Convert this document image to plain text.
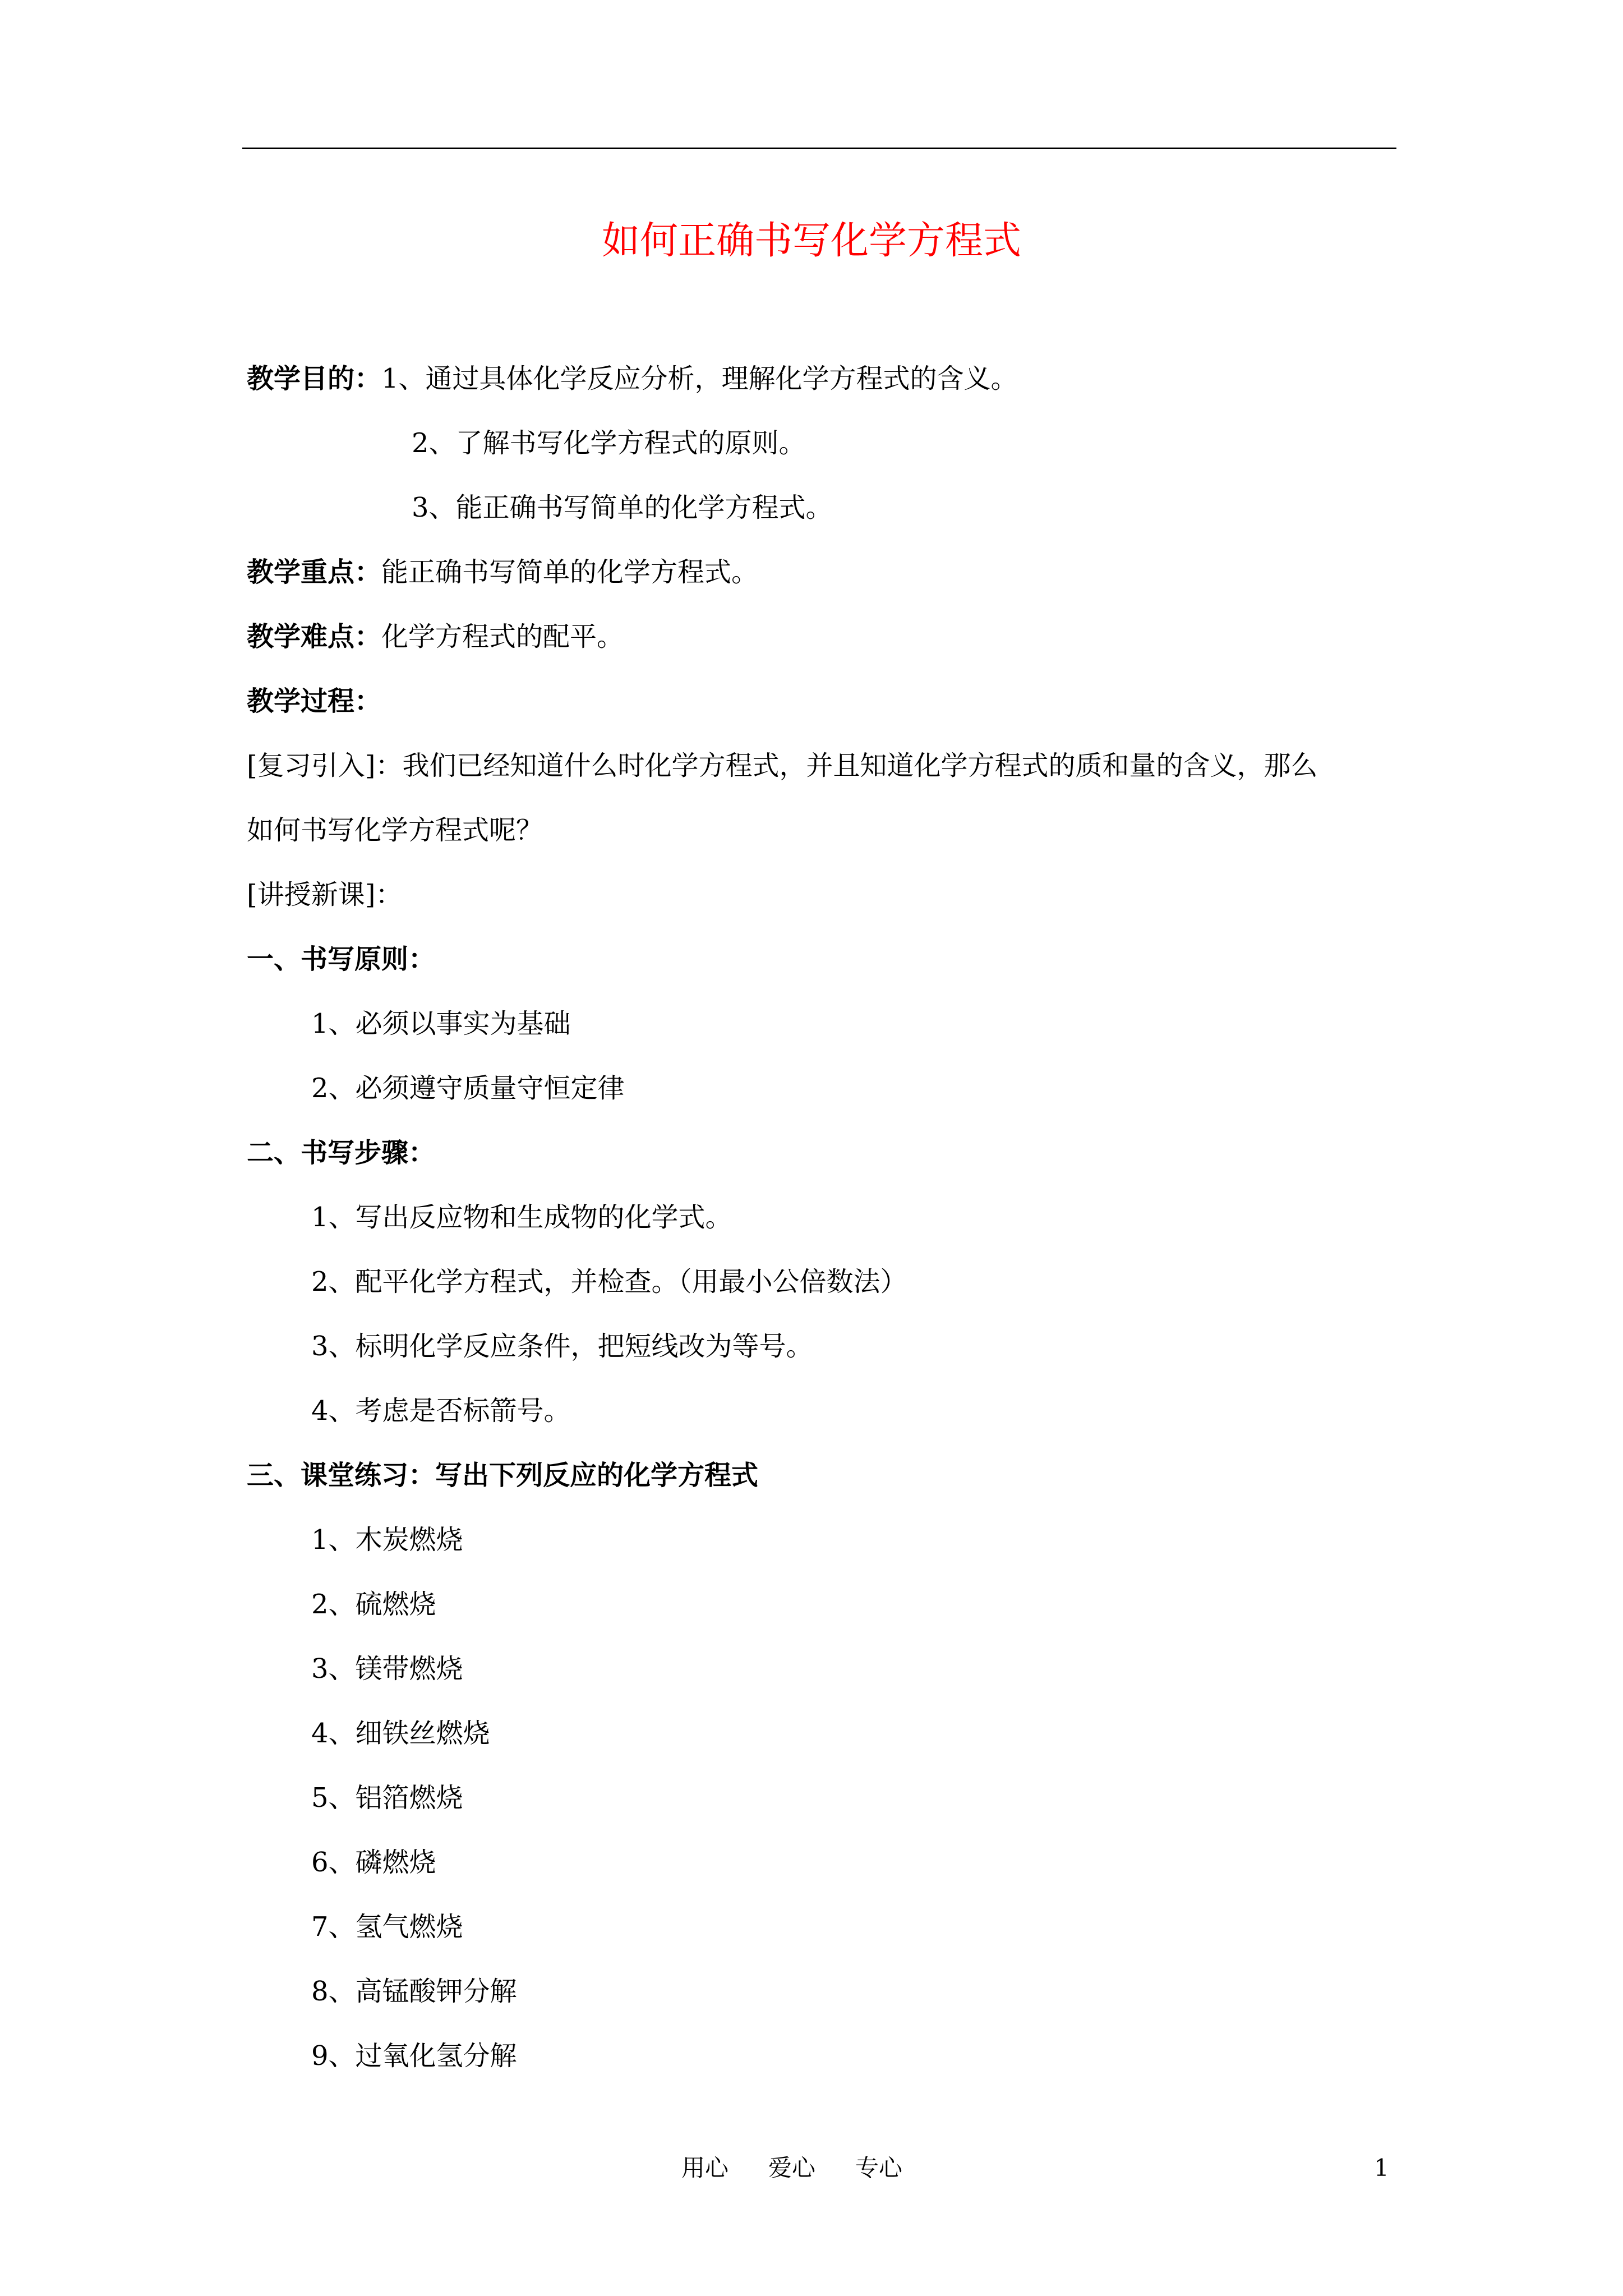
如何正确书写化学方程式
教学目的：1、通过具体化学反应分析，理解化学方程式的含义。
2、了解书写化学方程式的原则。
3、能正确书写简单的化学方程式。
教学重点：能正确书写简单的化学方程式。
教学难点：化学方程式的配平。
教学过程：
[复习引入]：我们已经知道什么时化学方程式，并且知道化学方程式的质和量的含义，那么
如何书写化学方程式呢？
[讲授新课]：
一、书写原则：
1、必须以事实为基础
2、必须遵守质量守恒定律
二、书写步骤：
1、写出反应物和生成物的化学式。
2、配平化学方程式，并检查。（用最小公倍数法）
3、标明化学反应条件，把短线改为等号。
4、考虑是否标箭号。
三、课堂练习：写出下列反应的化学方程式
1、木炭燃烧
2、硫燃烧
3、镁带燃烧
4、细铁丝燃烧
5、铝箔燃烧
6、磷燃烧
7、氢气燃烧
8、高锰酸钾分解
9、过氧化氢分解
用心 爱心 专心	1
